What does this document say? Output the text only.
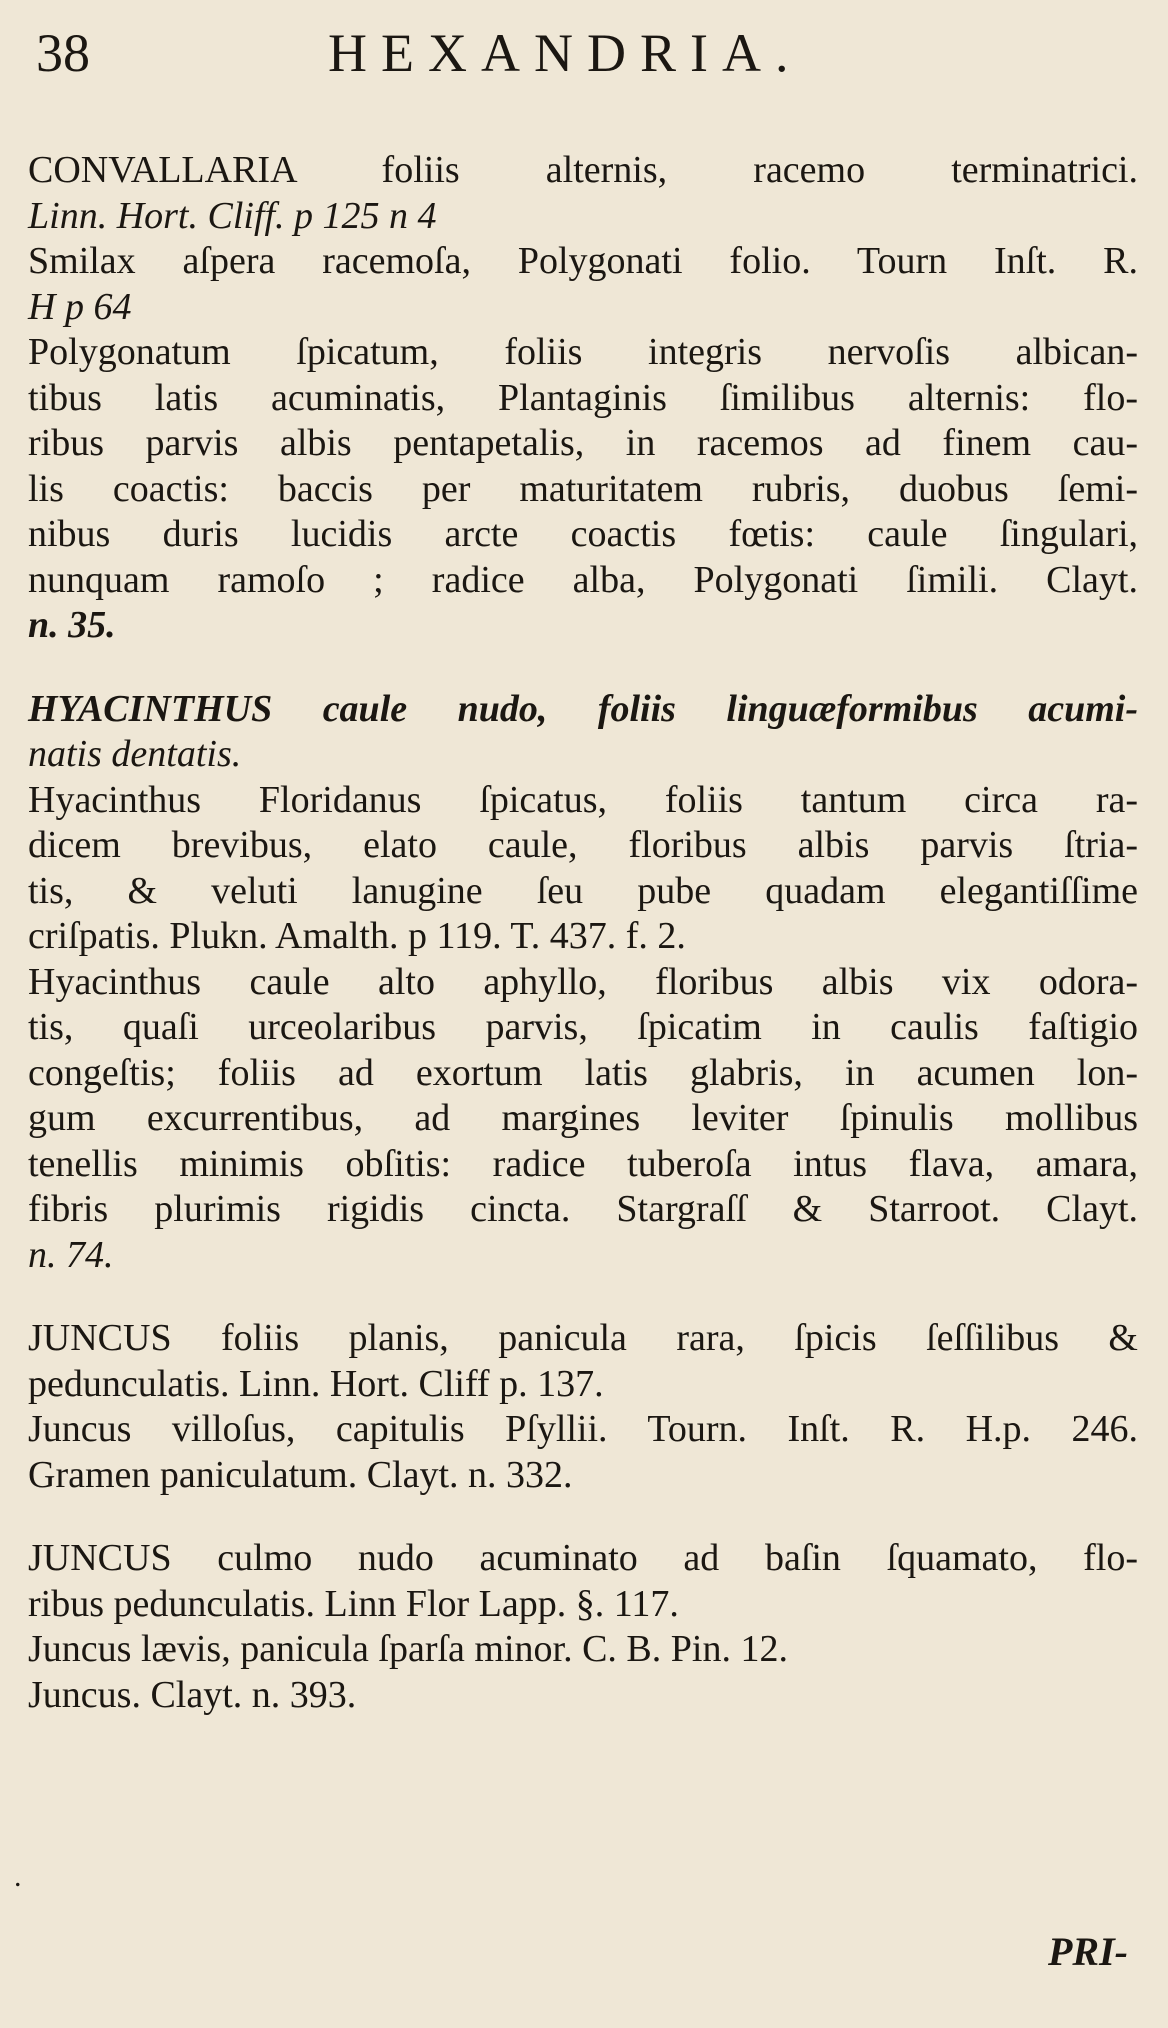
38	HEXANDRIA.
CONVALLARIA foliis alternis, racemo terminatrici.
Linn. Hort. Cliff. p 125 n 4
Smilax aſpera racemoſa, Polygonati folio. Tourn Inſt. R.
H p 64
Polygonatum ſpicatum, foliis integris nervoſis albican-
tibus latis acuminatis, Plantaginis ſimilibus alternis: flo-
ribus parvis albis pentapetalis, in racemos ad finem cau-
lis coactis: baccis per maturitatem rubris, duobus ſemi-
nibus duris lucidis arcte coactis fœtis: caule ſingulari,
nunquam ramoſo ; radice alba, Polygonati ſimili. Clayt.
n. 35.
HYACINTHUS caule nudo, foliis linguæformibus acumi-
natis dentatis.
Hyacinthus Floridanus ſpicatus, foliis tantum circa ra-
dicem brevibus, elato caule, floribus albis parvis ſtria-
tis, & veluti lanugine ſeu pube quadam elegantiſſime
criſpatis. Plukn. Amalth. p 119. T. 437. f. 2.
Hyacinthus caule alto aphyllo, floribus albis vix odora-
tis, quaſi urceolaribus parvis, ſpicatim in caulis faſtigio
congeſtis; foliis ad exortum latis glabris, in acumen lon-
gum excurrentibus, ad margines leviter ſpinulis mollibus
tenellis minimis obſitis: radice tuberoſa intus flava, amara,
fibris plurimis rigidis cincta. Stargraſſ & Starroot. Clayt.
n. 74.
JUNCUS foliis planis, panicula rara, ſpicis ſeſſilibus &
pedunculatis. Linn. Hort. Cliff p. 137.
Juncus villoſus, capitulis Pſyllii. Tourn. Inſt. R. H.p. 246.
Gramen paniculatum. Clayt. n. 332.
JUNCUS culmo nudo acuminato ad baſin ſquamato, flo-
ribus pedunculatis. Linn Flor Lapp. §. 117.
Juncus lævis, panicula ſparſa minor. C. B. Pin. 12.
Juncus. Clayt. n. 393.
.
PRI-
